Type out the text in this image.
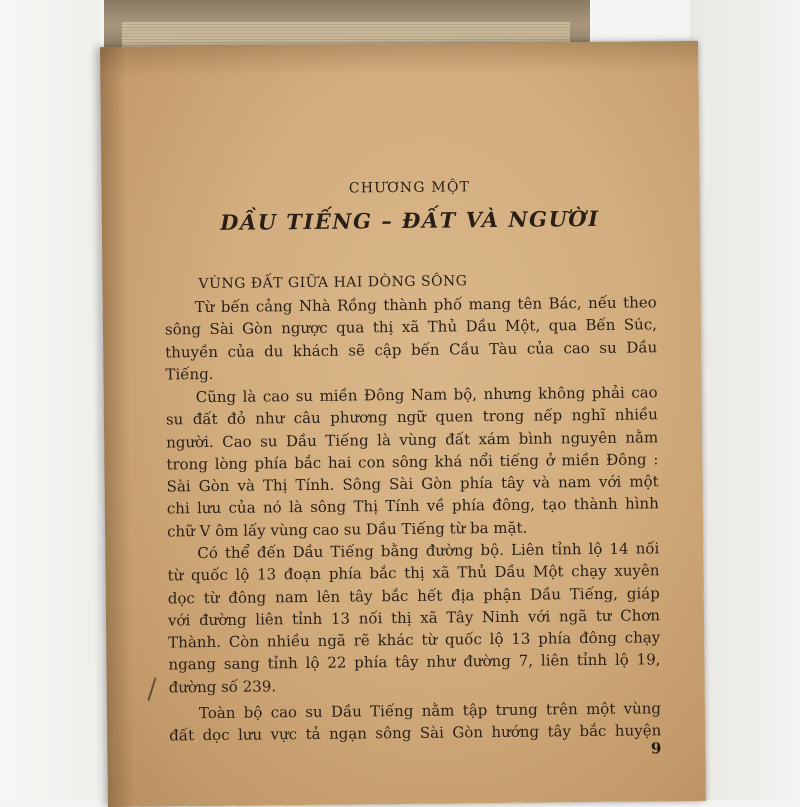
CHƯƠNG MỘT
DẦU TIẾNG – ĐẤT VÀ NGƯỜI
VÙNG ĐẤT GIỮA HAI DÒNG SÔNG
Từ bến cảng Nhà Rồng thành phố mang tên Bác, nếu theo
sông Sài Gòn ngược qua thị xã Thủ Dầu Một, qua Bến Súc,
thuyền của du khách sẽ cập bến Cầu Tàu của cao su Dầu
Tiếng.
Cũng là cao su miền Đông Nam bộ, nhưng không phải cao
su đất đỏ như câu phương ngữ quen trong nếp nghĩ nhiều
người. Cao su Dầu Tiếng là vùng đất xám bình nguyên nằm
trong lòng phía bắc hai con sông khá nổi tiếng ở miền Đông :
Sài Gòn và Thị Tính. Sông Sài Gòn phía tây và nam với một
chi lưu của nó là sông Thị Tính về phía đông, tạo thành hình
chữ V ôm lấy vùng cao su Dầu Tiếng từ ba mặt.
Có thể đến Dầu Tiếng bằng đường bộ. Liên tỉnh lộ 14 nối
từ quốc lộ 13 đoạn phía bắc thị xã Thủ Dầu Một chạy xuyên
dọc từ đông nam lên tây bắc hết địa phận Dầu Tiếng, giáp
với đường liên tỉnh 13 nối thị xã Tây Ninh với ngã tư Chơn
Thành. Còn nhiều ngã rẽ khác từ quốc lộ 13 phía đông chạy
ngang sang tỉnh lộ 22 phía tây như đường 7, liên tỉnh lộ 19,
đường số 239.
Toàn bộ cao su Dầu Tiếng nằm tập trung trên một vùng
đất dọc lưu vực tả ngạn sông Sài Gòn hướng tây bắc huyện
9
